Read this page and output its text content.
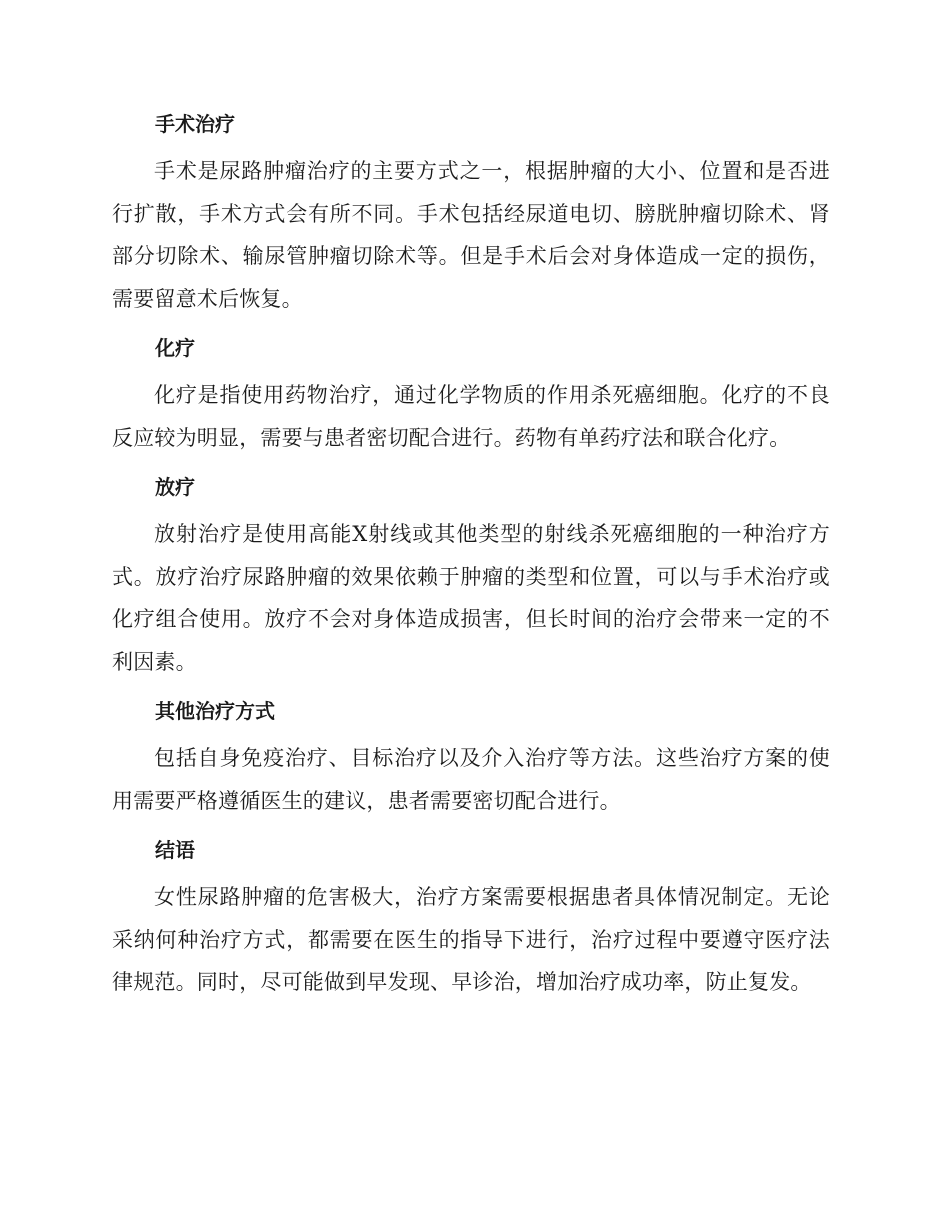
手术治疗

手术是尿路肿瘤治疗的主要方式之一，根据肿瘤的大小、位置和是否进行扩散，手术方式会有所不同。手术包括经尿道电切、膀胱肿瘤切除术、肾部分切除术、输尿管肿瘤切除术等。但是手术后会对身体造成一定的损伤，需要留意术后恢复。

化疗

化疗是指使用药物治疗，通过化学物质的作用杀死癌细胞。化疗的不良反应较为明显，需要与患者密切配合进行。药物有单药疗法和联合化疗。

放疗

放射治疗是使用高能X射线或其他类型的射线杀死癌细胞的一种治疗方式。放疗治疗尿路肿瘤的效果依赖于肿瘤的类型和位置，可以与手术治疗或化疗组合使用。放疗不会对身体造成损害，但长时间的治疗会带来一定的不利因素。

其他治疗方式

包括自身免疫治疗、目标治疗以及介入治疗等方法。这些治疗方案的使用需要严格遵循医生的建议，患者需要密切配合进行。

结语

女性尿路肿瘤的危害极大，治疗方案需要根据患者具体情况制定。无论采纳何种治疗方式，都需要在医生的指导下进行，治疗过程中要遵守医疗法律规范。同时，尽可能做到早发现、早诊治，增加治疗成功率，防止复发。
